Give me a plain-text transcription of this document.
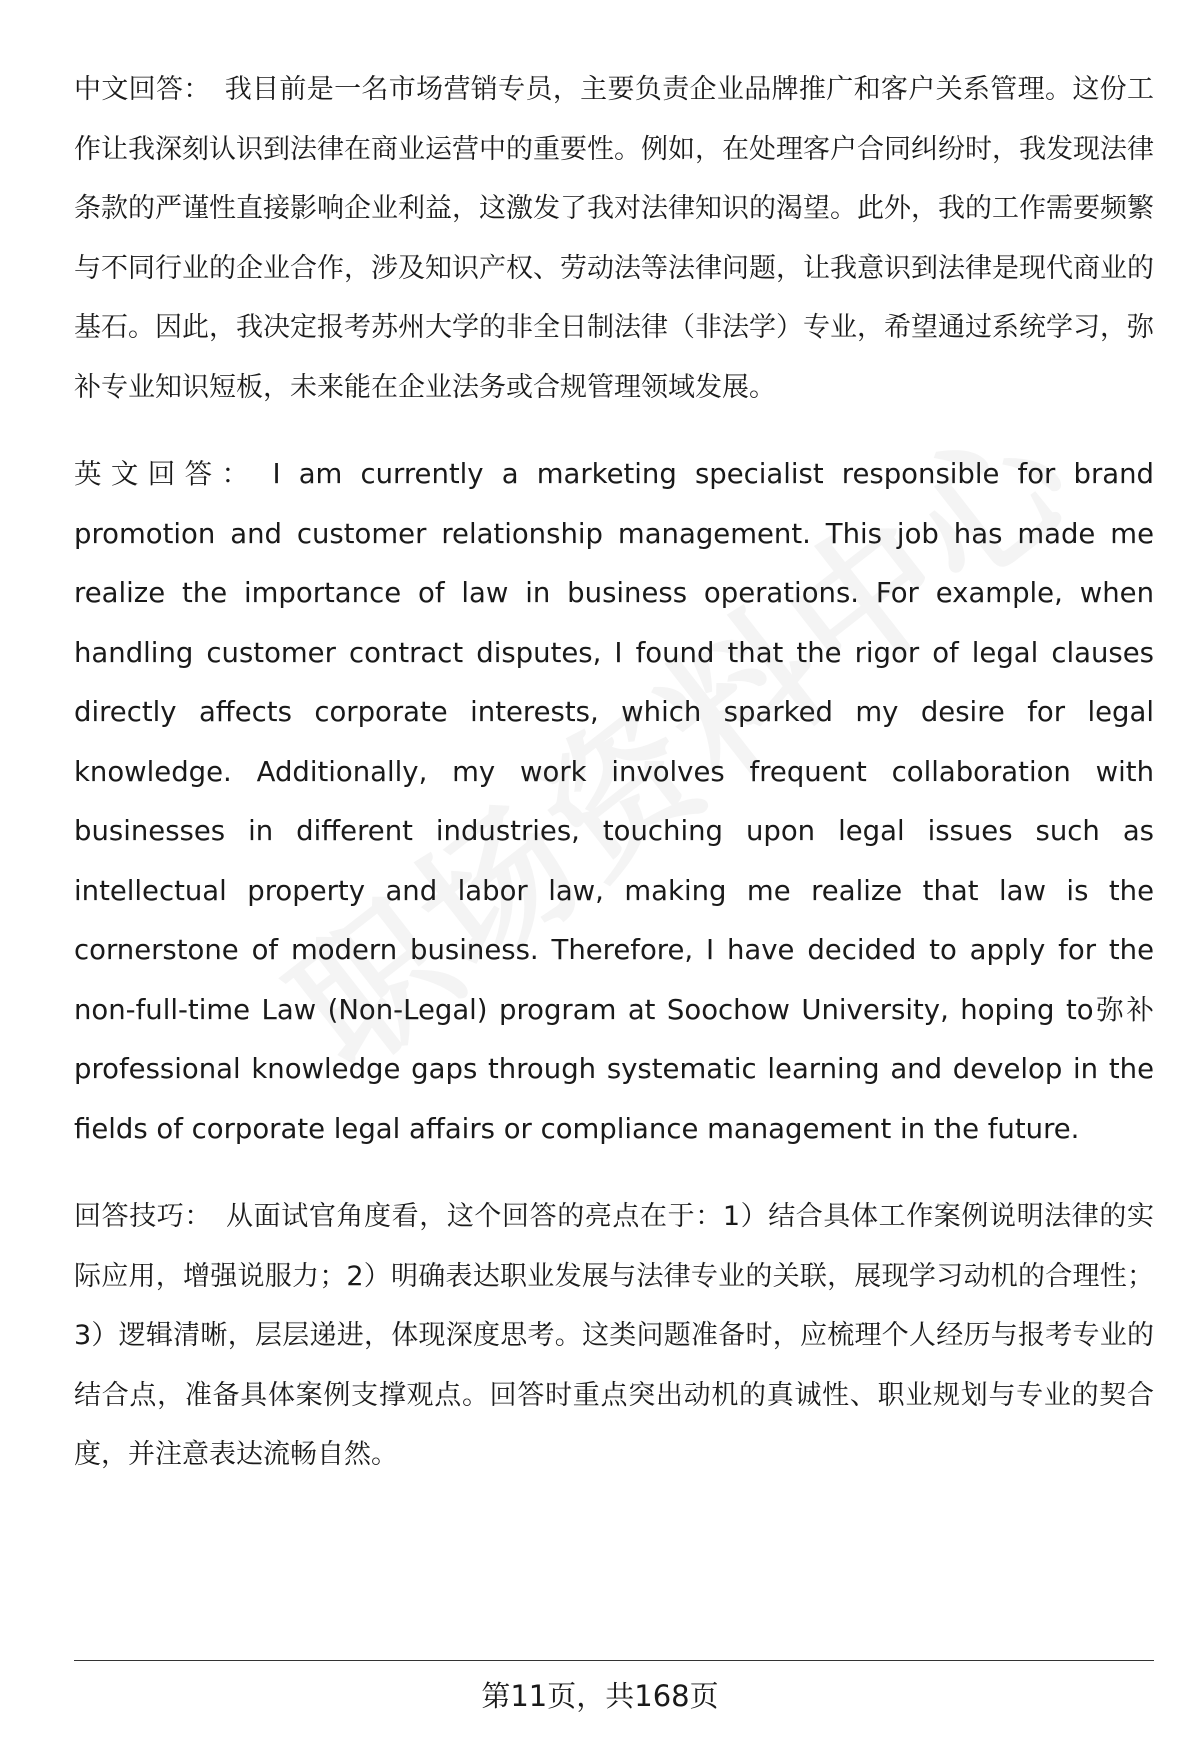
中文回答： 我目前是一名市场营销专员，主要负责企业品牌推广和客户关系管理。这份工作让我深刻认识到法律在商业运营中的重要性。例如，在处理客户合同纠纷时，我发现法律条款的严谨性直接影响企业利益，这激发了我对法律知识的渴望。此外，我的工作需要频繁与不同行业的企业合作，涉及知识产权、劳动法等法律问题，让我意识到法律是现代商业的基石。因此，我决定报考苏州大学的非全日制法律（非法学）专业，希望通过系统学习，弥补专业知识短板，未来能在企业法务或合规管理领域发展。

英文回答： I am currently a marketing specialist responsible for brand promotion and customer relationship management. This job has made me realize the importance of law in business operations. For example, when handling customer contract disputes, I found that the rigor of legal clauses directly affects corporate interests, which sparked my desire for legal knowledge. Additionally, my work involves frequent collaboration with businesses in different industries, touching upon legal issues such as intellectual property and labor law, making me realize that law is the cornerstone of modern business. Therefore, I have decided to apply for the non-full-time Law (Non-Legal) program at Soochow University, hoping to弥补professional knowledge gaps through systematic learning and develop in the fields of corporate legal affairs or compliance management in the future.

回答技巧： 从面试官角度看，这个回答的亮点在于：1）结合具体工作案例说明法律的实际应用，增强说服力；2）明确表达职业发展与法律专业的关联，展现学习动机的合理性；3）逻辑清晰，层层递进，体现深度思考。这类问题准备时，应梳理个人经历与报考专业的结合点，准备具体案例支撑观点。回答时重点突出动机的真诚性、职业规划与专业的契合度，并注意表达流畅自然。

第11页，共168页
